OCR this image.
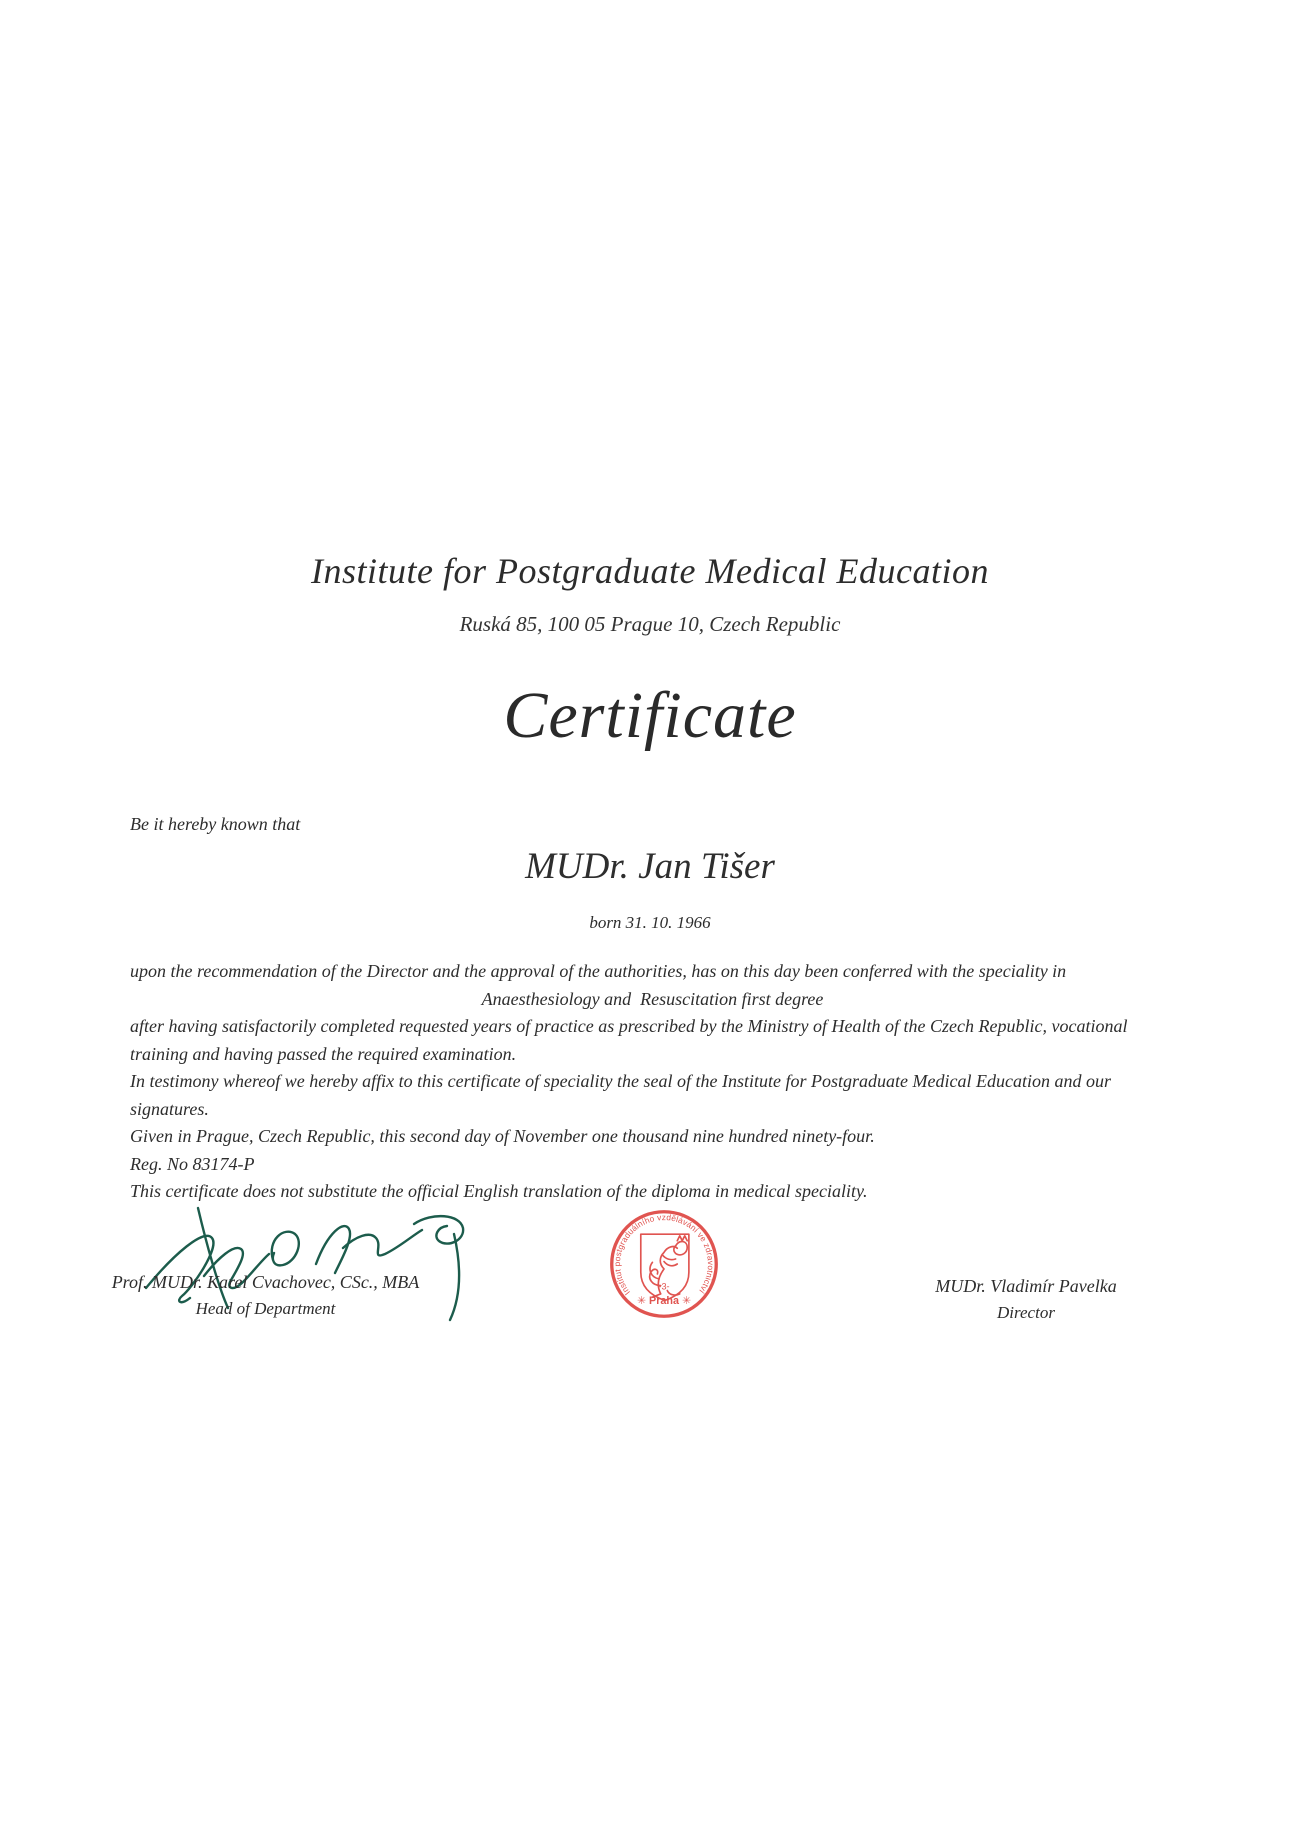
Institute for Postgraduate Medical Education
Ruská 85, 100 05 Prague 10, Czech Republic
Certificate
Be it hereby known that
MUDr. Jan Tišer
born 31. 10. 1966
upon the recommendation of the Director and the approval of the authorities, has on this day been conferred with the speciality in
Anaesthesiology and  Resuscitation first degree
after having satisfactorily completed requested years of practice as prescribed by the Ministry of Health of the Czech Republic, vocational
training and having passed the required examination.
In testimony whereof we hereby affix to this certificate of speciality the seal of the Institute for Postgraduate Medical Education and our
signatures.
Given in Prague, Czech Republic, this second day of November one thousand nine hundred ninety-four.
Reg. No 83174-P
This certificate does not substitute the official English translation of the diploma in medical speciality.
Prof. MUDr. Karel Cvachovec, CSc., MBA
Head of Department
Institut postgraduálního vzdělávání ve zdravotnictví
-3-
✳ Praha ✳
MUDr. Vladimír Pavelka
Director
